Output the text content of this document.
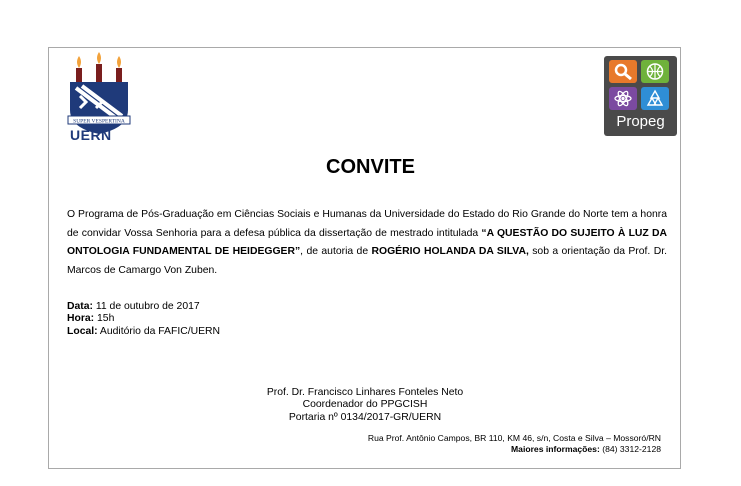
SUPER VESPERTINA
UERN
Propeg
CONVITE
O Programa de Pós-Graduação em Ciências Sociais e Humanas da Universidade do Estado do Rio Grande do Norte tem a honra de convidar Vossa Senhoria para a defesa pública da dissertação de mestrado intitulada “A QUESTÃO DO SUJEITO À LUZ DA ONTOLOGIA FUNDAMENTAL DE HEIDEGGER”, de autoria de ROGÉRIO HOLANDA DA SILVA, sob a orientação da Prof. Dr. Marcos de Camargo Von Zuben.
Data: 11 de outubro de 2017
Hora: 15h
Local: Auditório da FAFIC/UERN
Prof. Dr. Francisco Linhares Fonteles Neto
Coordenador do PPGCISH
Portaria nº 0134/2017-GR/UERN
Rua Prof. Antônio Campos, BR 110, KM 46, s/n, Costa e Silva – Mossoró/RN
Maiores informações: (84) 3312-2128
